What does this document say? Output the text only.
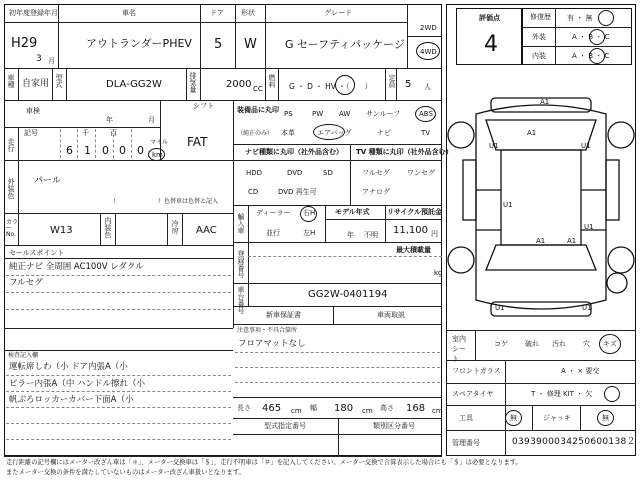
初年度登録年月	車名	ドア 形状	グレード
2WD
4WD
H29
3 月
アウトランダーPHEV 5 W	G セーフティパッケージ
車種 自家用 型式	DLA-GG2W	排気量	2000 CC
燃料 G ・ D ・ HV ・（　　） 定員 5 人
車検
年	月
シフト
FAT
走行
記号	千	百
6 1 0 0 0
マイル
km
外装色 パール
（　　　　　　　）色替車は色替と記入
カラーNo.	W13	内装色	冷房 AAC
セールスポイント
純正ナビ 全周囲 AC100V レダクル
フルセグ
装備品に丸印
（純正のみ）
PS	PW AW サンルーフ	ABS
本革	エアバッグ	ナビ	TV
ナビ種類に丸印（社外品含む）
HDD	DVD	SD
CD	DVD 再生可
TV 種類に丸印（社外品含む）
フルセグ ワンセグ
アナログ
輸入車 ディーラー 右H
並行	左H
モデル年式
年 不明
リサイクル預託金
11,100 円
登録番号	最大積載量
kg
車台番号	GG2W-0401194
新車保証書	車両取説
注意事項・不具合箇所
フロアマットなし
検査記入欄
運転席しわ（小 ドア内張A（小
ピラー内張A（中 ハンドル擦れ（小
帆ぶろロッカーカバー下面A（小
長さ 465 cm 幅 180 cm 高さ 168 cm
型式指定番号	類別区分番号
評価点
4
修復歴 有 ・ 無
外装	A ・ B ・ C
内装	A ・ B ・ C
A1
A1
U1	U1
U1
U1
A1	A1
U1	U1
室内シート
コゲ 破れ 汚れ 穴 キズ
フロントガラス	A ・ × 要交
スペアタイヤ	T ・ 修理 KIT ・ 欠
工具	無	ジャッキ	無
管理番号	0393900034250600138２
走行距離の記号欄にはメーター改ざん車は「＊」、メーター交換車は「＄」、走行不明車は「＃」を記入してください。メーター交換で合算表示した場合にも「＄」は必要となります。
またメーター交換の条件を満たしていないものはメーター改ざん車扱いとなります。
